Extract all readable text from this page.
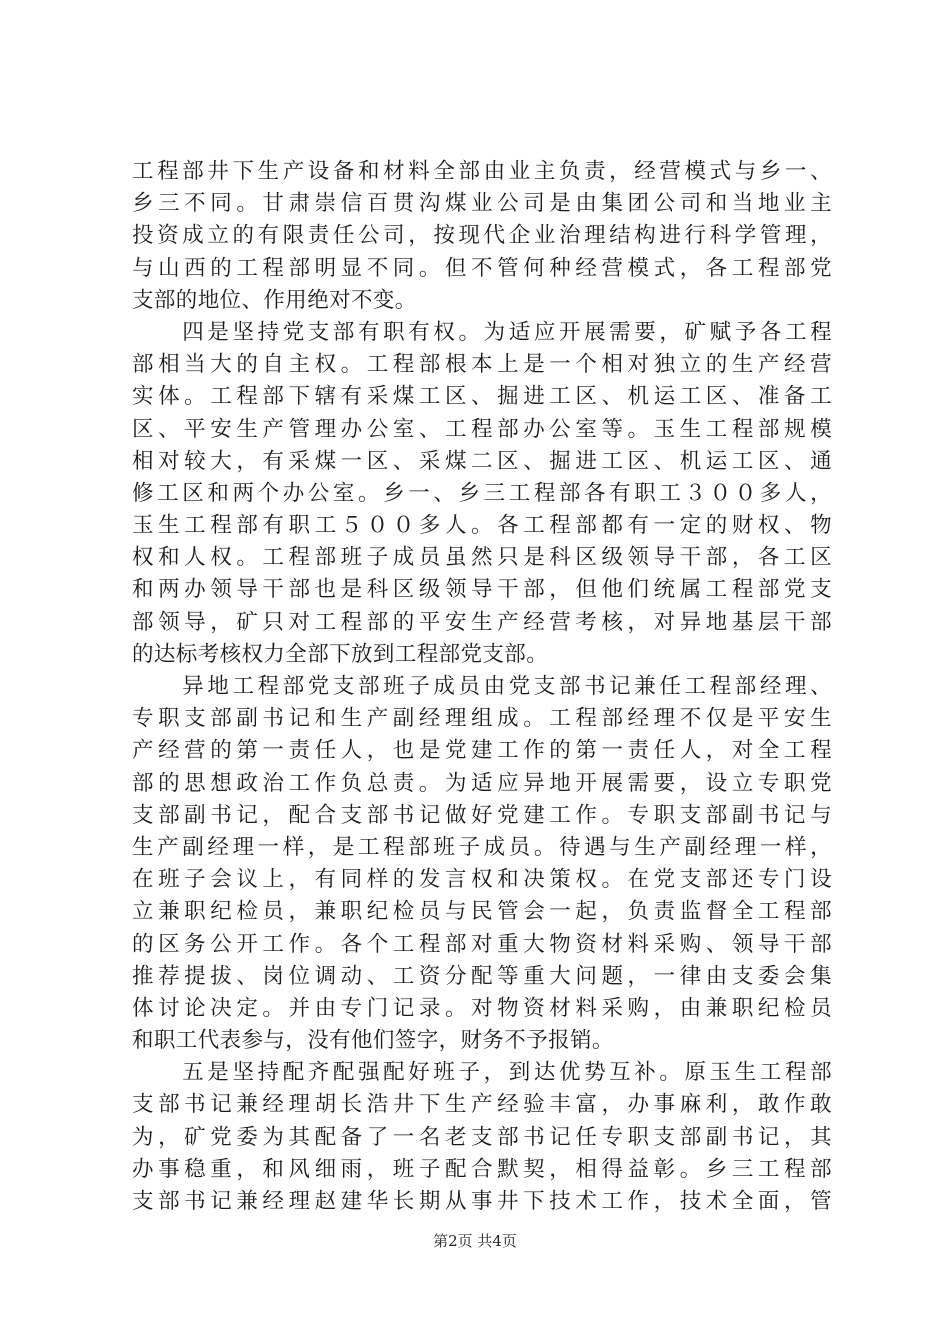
工程部井下生产设备和材料全部由业主负责，经营模式与乡一、
乡三不同。甘肃崇信百贯沟煤业公司是由集团公司和当地业主
投资成立的有限责任公司，按现代企业治理结构进行科学管理，
与山西的工程部明显不同。但不管何种经营模式，各工程部党
支部的地位、作用绝对不变。
　　四是坚持党支部有职有权。为适应开展需要，矿赋予各工程
部相当大的自主权。工程部根本上是一个相对独立的生产经营
实体。工程部下辖有采煤工区、掘进工区、机运工区、准备工
区、平安生产管理办公室、工程部办公室等。玉生工程部规模
相对较大，有采煤一区、采煤二区、掘进工区、机运工区、通
修工区和两个办公室。乡一、乡三工程部各有职工３００多人，
玉生工程部有职工５００多人。各工程部都有一定的财权、物
权和人权。工程部班子成员虽然只是科区级领导干部，各工区
和两办领导干部也是科区级领导干部，但他们统属工程部党支
部领导，矿只对工程部的平安生产经营考核，对异地基层干部
的达标考核权力全部下放到工程部党支部。
　　异地工程部党支部班子成员由党支部书记兼任工程部经理、
专职支部副书记和生产副经理组成。工程部经理不仅是平安生
产经营的第一责任人，也是党建工作的第一责任人，对全工程
部的思想政治工作负总责。为适应异地开展需要，设立专职党
支部副书记，配合支部书记做好党建工作。专职支部副书记与
生产副经理一样，是工程部班子成员。待遇与生产副经理一样，
在班子会议上，有同样的发言权和决策权。在党支部还专门设
立兼职纪检员，兼职纪检员与民管会一起，负责监督全工程部
的区务公开工作。各个工程部对重大物资材料采购、领导干部
推荐提拔、岗位调动、工资分配等重大问题，一律由支委会集
体讨论决定。并由专门记录。对物资材料采购，由兼职纪检员
和职工代表参与，没有他们签字，财务不予报销。
　　五是坚持配齐配强配好班子，到达优势互补。原玉生工程部
支部书记兼经理胡长浩井下生产经验丰富，办事麻利，敢作敢
为，矿党委为其配备了一名老支部书记任专职支部副书记，其
办事稳重，和风细雨，班子配合默契，相得益彰。乡三工程部
支部书记兼经理赵建华长期从事井下技术工作，技术全面，管
第2页 共4页
